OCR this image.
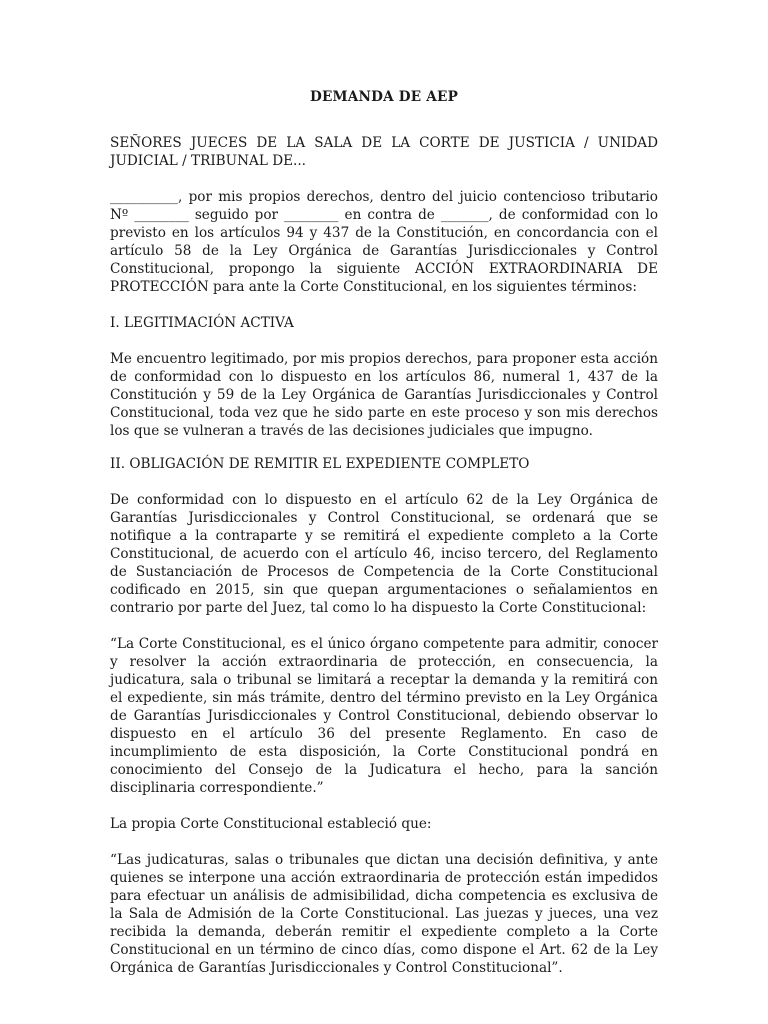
DEMANDA DE AEP

SEÑORES JUECES DE LA SALA DE LA CORTE DE JUSTICIA / UNIDAD JUDICIAL / TRIBUNAL DE...

__________, por mis propios derechos, dentro del juicio contencioso tributario Nº ________ seguido por ________ en contra de _______, de conformidad con lo previsto en los artículos 94 y 437 de la Constitución, en concordancia con el artículo 58 de la Ley Orgánica de Garantías Jurisdiccionales y Control Constitucional, propongo la siguiente ACCIÓN EXTRAORDINARIA DE PROTECCIÓN para ante la Corte Constitucional, en los siguientes términos:

I. LEGITIMACIÓN ACTIVA

Me encuentro legitimado, por mis propios derechos, para proponer esta acción de conformidad con lo dispuesto en los artículos 86, numeral 1, 437 de la Constitución y 59 de la Ley Orgánica de Garantías Jurisdiccionales y Control Constitucional, toda vez que he sido parte en este proceso y son mis derechos los que se vulneran a través de las decisiones judiciales que impugno.

II. OBLIGACIÓN DE REMITIR EL EXPEDIENTE COMPLETO

De conformidad con lo dispuesto en el artículo 62 de la Ley Orgánica de Garantías Jurisdiccionales y Control Constitucional, se ordenará que se notifique a la contraparte y se remitirá el expediente completo a la Corte Constitucional, de acuerdo con el artículo 46, inciso tercero, del Reglamento de Sustanciación de Procesos de Competencia de la Corte Constitucional codificado en 2015, sin que quepan argumentaciones o señalamientos en contrario por parte del Juez, tal como lo ha dispuesto la Corte Constitucional:

“La Corte Constitucional, es el único órgano competente para admitir, conocer y resolver la acción extraordinaria de protección, en consecuencia, la judicatura, sala o tribunal se limitará a receptar la demanda y la remitirá con el expediente, sin más trámite, dentro del término previsto en la Ley Orgánica de Garantías Jurisdiccionales y Control Constitucional, debiendo observar lo dispuesto en el artículo 36 del presente Reglamento. En caso de incumplimiento de esta disposición, la Corte Constitucional pondrá en conocimiento del Consejo de la Judicatura el hecho, para la sanción disciplinaria correspondiente.”

La propia Corte Constitucional estableció que:

“Las judicaturas, salas o tribunales que dictan una decisión definitiva, y ante quienes se interpone una acción extraordinaria de protección están impedidos para efectuar un análisis de admisibilidad, dicha competencia es exclusiva de la Sala de Admisión de la Corte Constitucional. Las juezas y jueces, una vez recibida la demanda, deberán remitir el expediente completo a la Corte Constitucional en un término de cinco días, como dispone el Art. 62 de la Ley Orgánica de Garantías Jurisdiccionales y Control Constitucional”.
